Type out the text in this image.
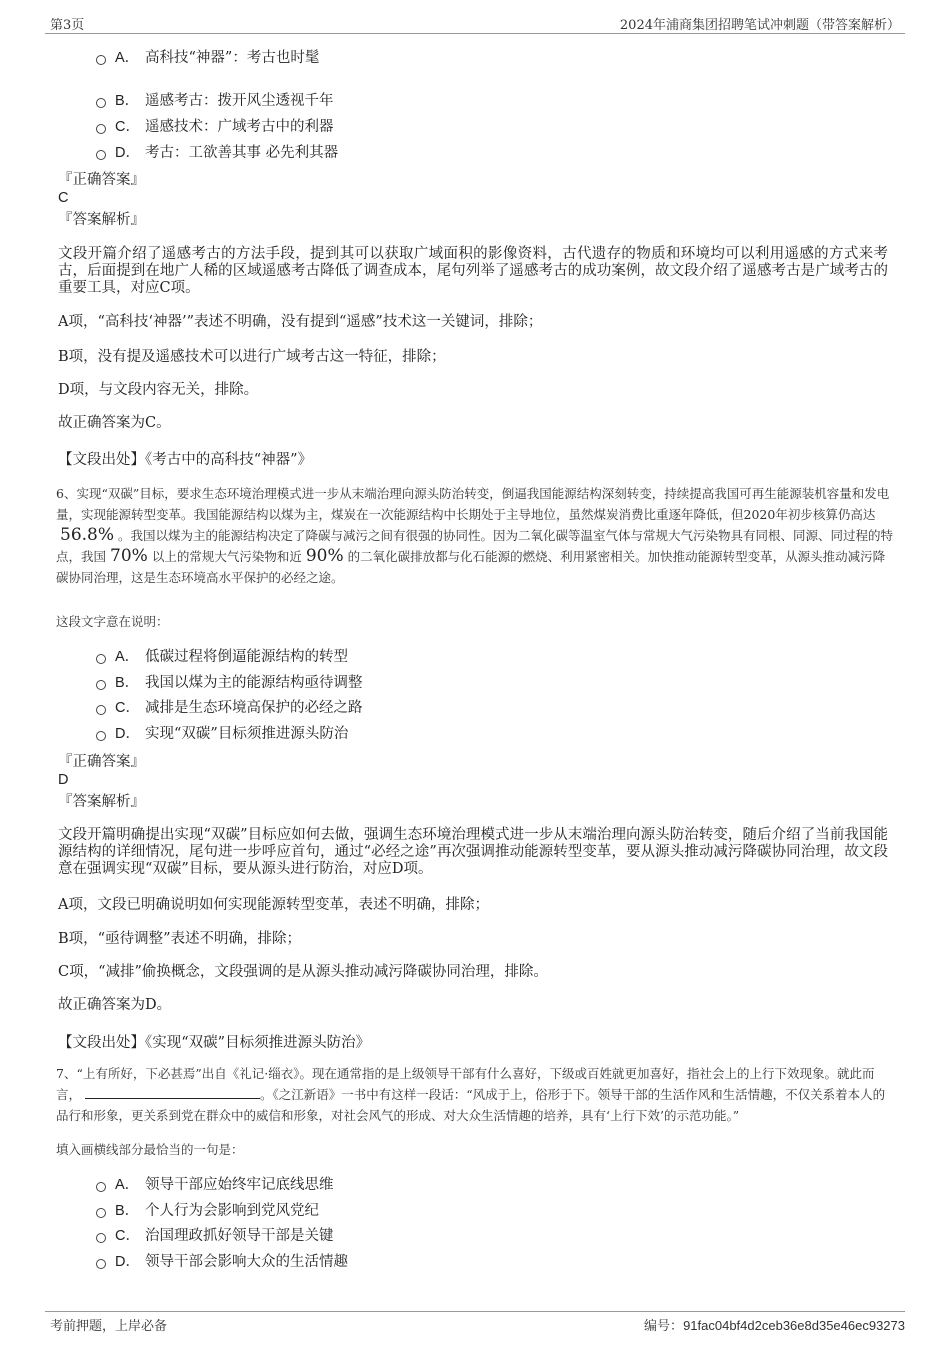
第3页	2024年浦商集团招聘笔试冲刺题（带答案解析）
A． 高科技“神器”：考古也时髦
B． 遥感考古：拨开风尘透视千年
C． 遥感技术：广域考古中的利器
D． 考古：工欲善其事 必先利其器
『正确答案』
C
『答案解析』
文段开篇介绍了遥感考古的方法手段，提到其可以获取广域面积的影像资料，古代遗存的物质和环境均可以利用遥感的方式来考古，后面提到在地广人稀的区域遥感考古降低了调查成本，尾句列举了遥感考古的成功案例，故文段介绍了遥感考古是广域考古的重要工具，对应C项。
A项，“高科技‘神器’”表述不明确，没有提到“遥感”技术这一关键词，排除；
B项，没有提及遥感技术可以进行广域考古这一特征，排除；
D项，与文段内容无关，排除。
故正确答案为C。
【文段出处】《考古中的高科技“神器”》
6、实现“双碳”目标，要求生态环境治理模式进一步从末端治理向源头防治转变，倒逼我国能源结构深刻转变，持续提高我国可再生能源装机容量和发电量，实现能源转型变革。我国能源结构以煤为主，煤炭在一次能源结构中长期处于主导地位，虽然煤炭消费比重逐年降低，但2020年初步核算仍高达56.8% 。我国以煤为主的能源结构决定了降碳与减污之间有很强的协同性。因为二氧化碳等温室气体与常规大气污染物具有同根、同源、同过程的特点，我国 70% 以上的常规大气污染物和近 90% 的二氧化碳排放都与化石能源的燃烧、利用紧密相关。加快推动能源转型变革，从源头推动减污降碳协同治理，这是生态环境高水平保护的必经之途。
这段文字意在说明：
A． 低碳过程将倒逼能源结构的转型
B． 我国以煤为主的能源结构亟待调整
C． 减排是生态环境高保护的必经之路
D． 实现“双碳”目标须推进源头防治
『正确答案』
D
『答案解析』
文段开篇明确提出实现“双碳”目标应如何去做，强调生态环境治理模式进一步从末端治理向源头防治转变，随后介绍了当前我国能源结构的详细情况，尾句进一步呼应首句，通过“必经之途”再次强调推动能源转型变革，要从源头推动减污降碳协同治理，故文段意在强调实现“双碳”目标，要从源头进行防治，对应D项。
A项，文段已明确说明如何实现能源转型变革，表述不明确，排除；
B项，“亟待调整”表述不明确，排除；
C项，“减排”偷换概念，文段强调的是从源头推动减污降碳协同治理，排除。
故正确答案为D。
【文段出处】《实现“双碳”目标须推进源头防治》
7、“上有所好，下必甚焉”出自《礼记·缁衣》。现在通常指的是上级领导干部有什么喜好，下级或百姓就更加喜好，指社会上的上行下效现象。就此而言，	。《之江新语》一书中有这样一段话：“风成于上，俗形于下。领导干部的生活作风和生活情趣，不仅关系着本人的品行和形象，更关系到党在群众中的威信和形象，对社会风气的形成、对大众生活情趣的培养，具有‘上行下效’的示范功能。”
填入画横线部分最恰当的一句是：
A． 领导干部应始终牢记底线思维
B． 个人行为会影响到党风党纪
C． 治国理政抓好领导干部是关键
D． 领导干部会影响大众的生活情趣
考前押题，上岸必备	编号：91fac04bf4d2ceb36e8d35e46ec93273
